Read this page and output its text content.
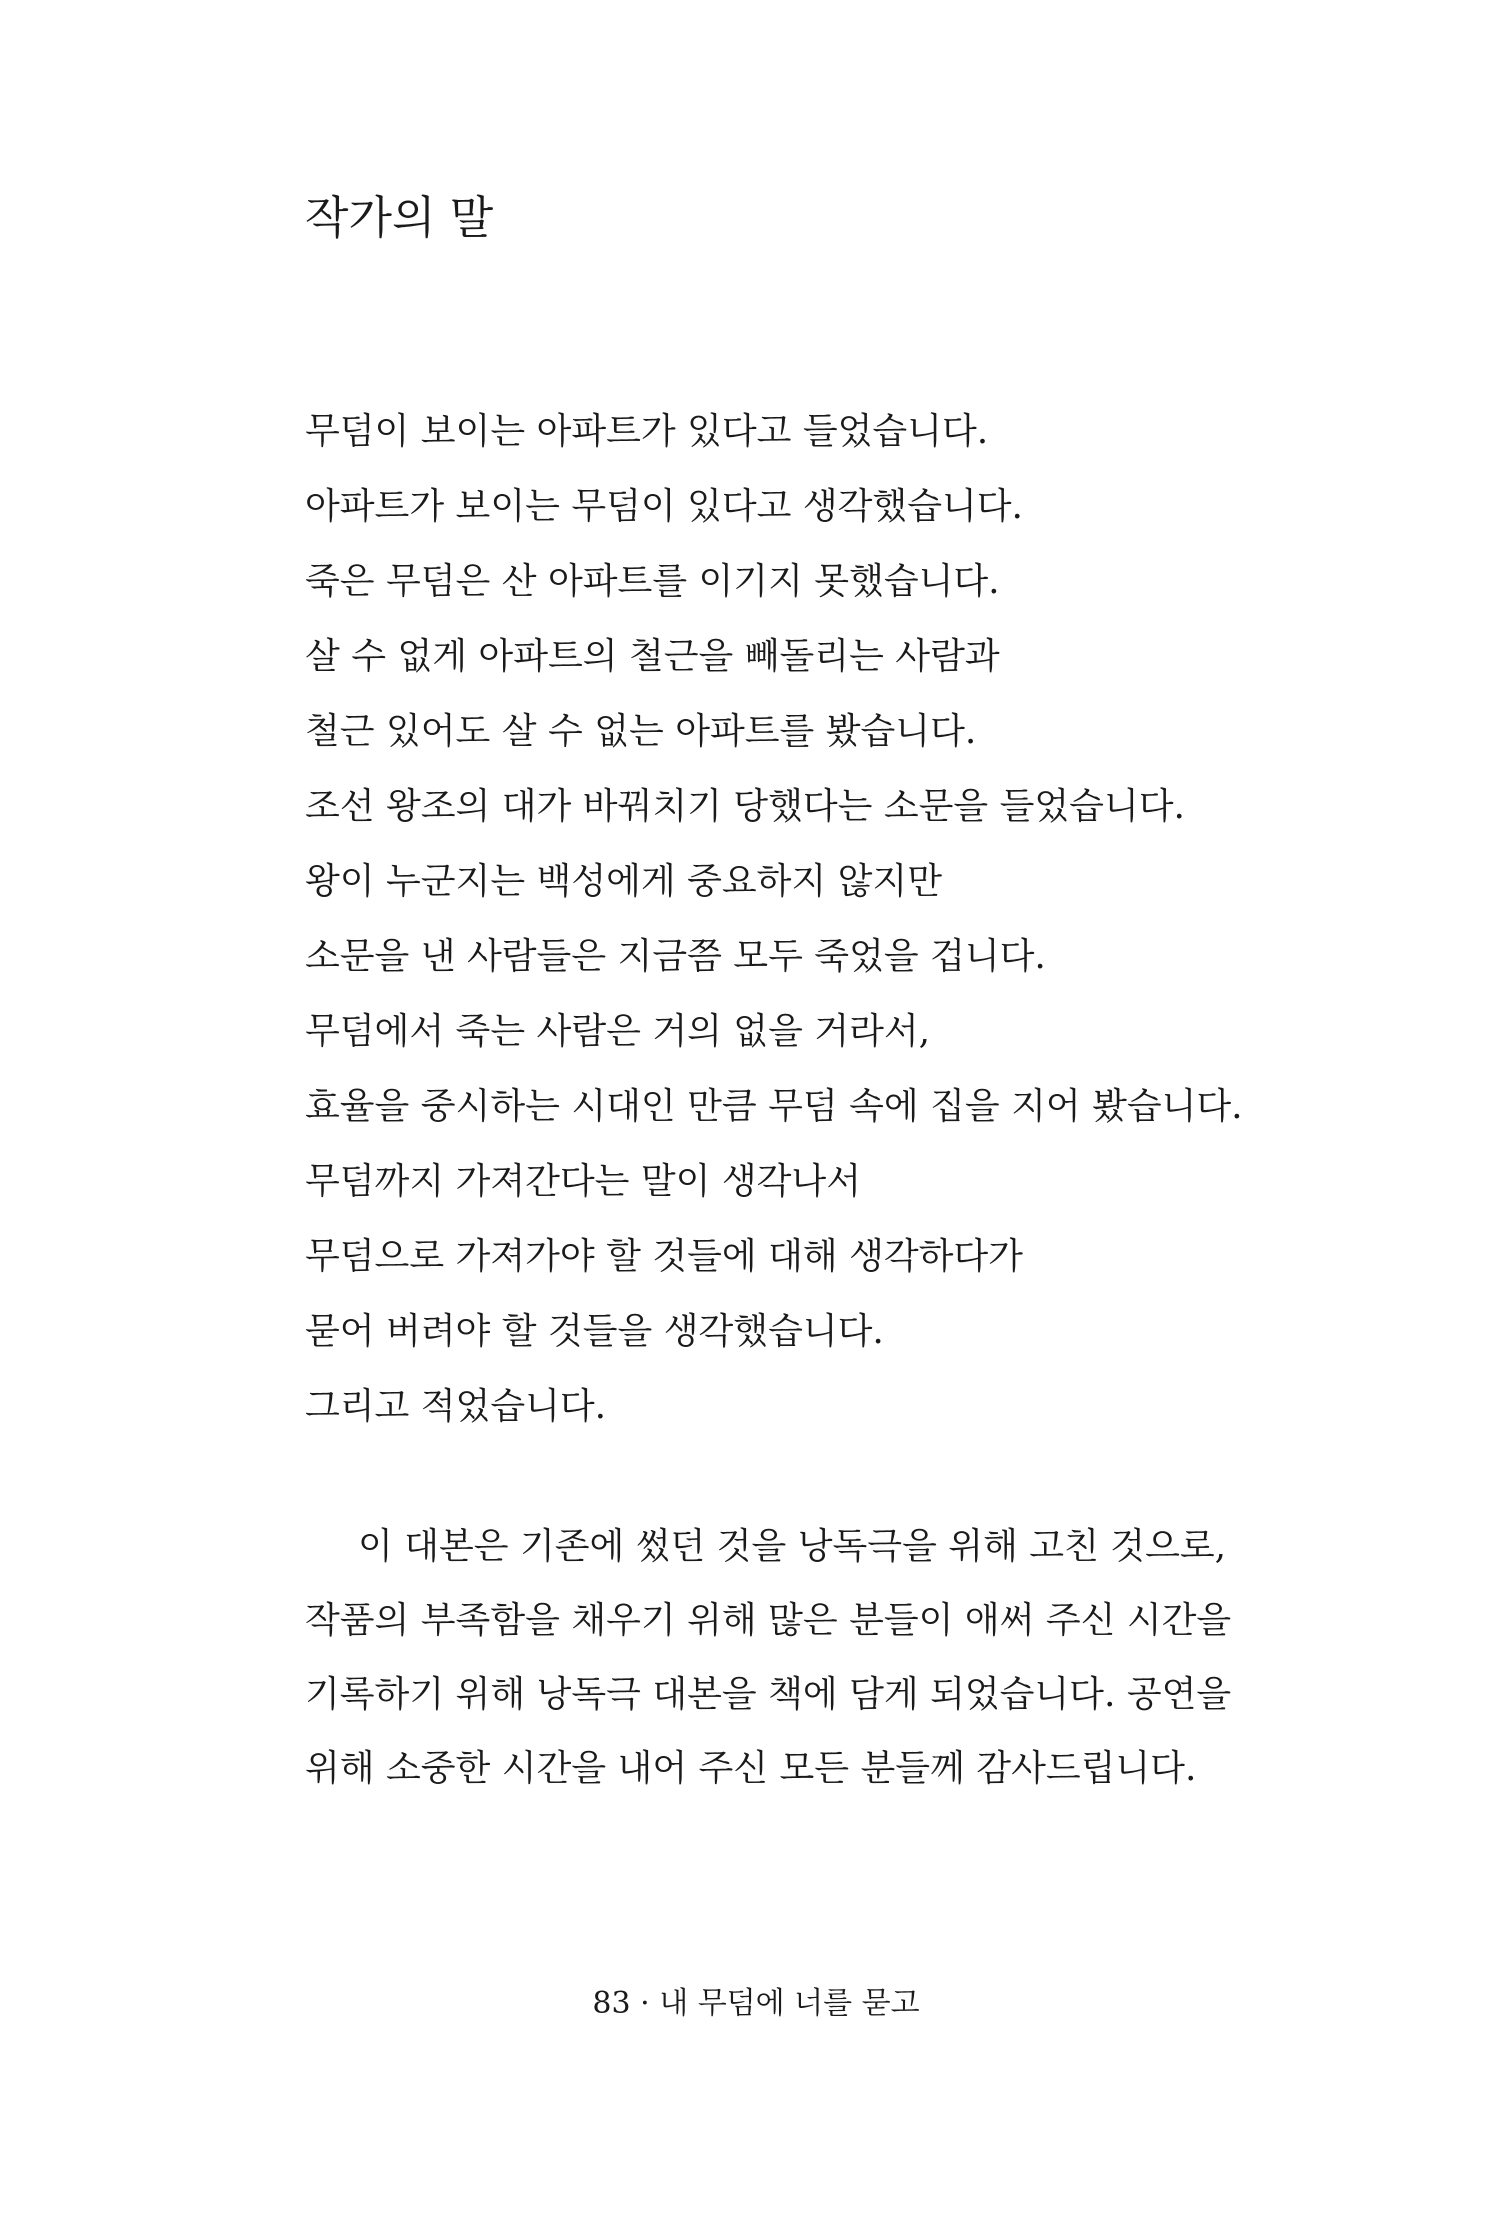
작가의 말
무덤이 보이는 아파트가 있다고 들었습니다.
아파트가 보이는 무덤이 있다고 생각했습니다.
죽은 무덤은 산 아파트를 이기지 못했습니다.
살 수 없게 아파트의 철근을 빼돌리는 사람과
철근 있어도 살 수 없는 아파트를 봤습니다.
조선 왕조의 대가 바꿔치기 당했다는 소문을 들었습니다.
왕이 누군지는 백성에게 중요하지 않지만
소문을 낸 사람들은 지금쯤 모두 죽었을 겁니다.
무덤에서 죽는 사람은 거의 없을 거라서,
효율을 중시하는 시대인 만큼 무덤 속에 집을 지어 봤습니다.
무덤까지 가져간다는 말이 생각나서
무덤으로 가져가야 할 것들에 대해 생각하다가
묻어 버려야 할 것들을 생각했습니다.
그리고 적었습니다.
이 대본은 기존에 썼던 것을 낭독극을 위해 고친 것으로,
작품의 부족함을 채우기 위해 많은 분들이 애써 주신 시간을
기록하기 위해 낭독극 대본을 책에 담게 되었습니다. 공연을
위해 소중한 시간을 내어 주신 모든 분들께 감사드립니다.
83 · 내 무덤에 너를 묻고
